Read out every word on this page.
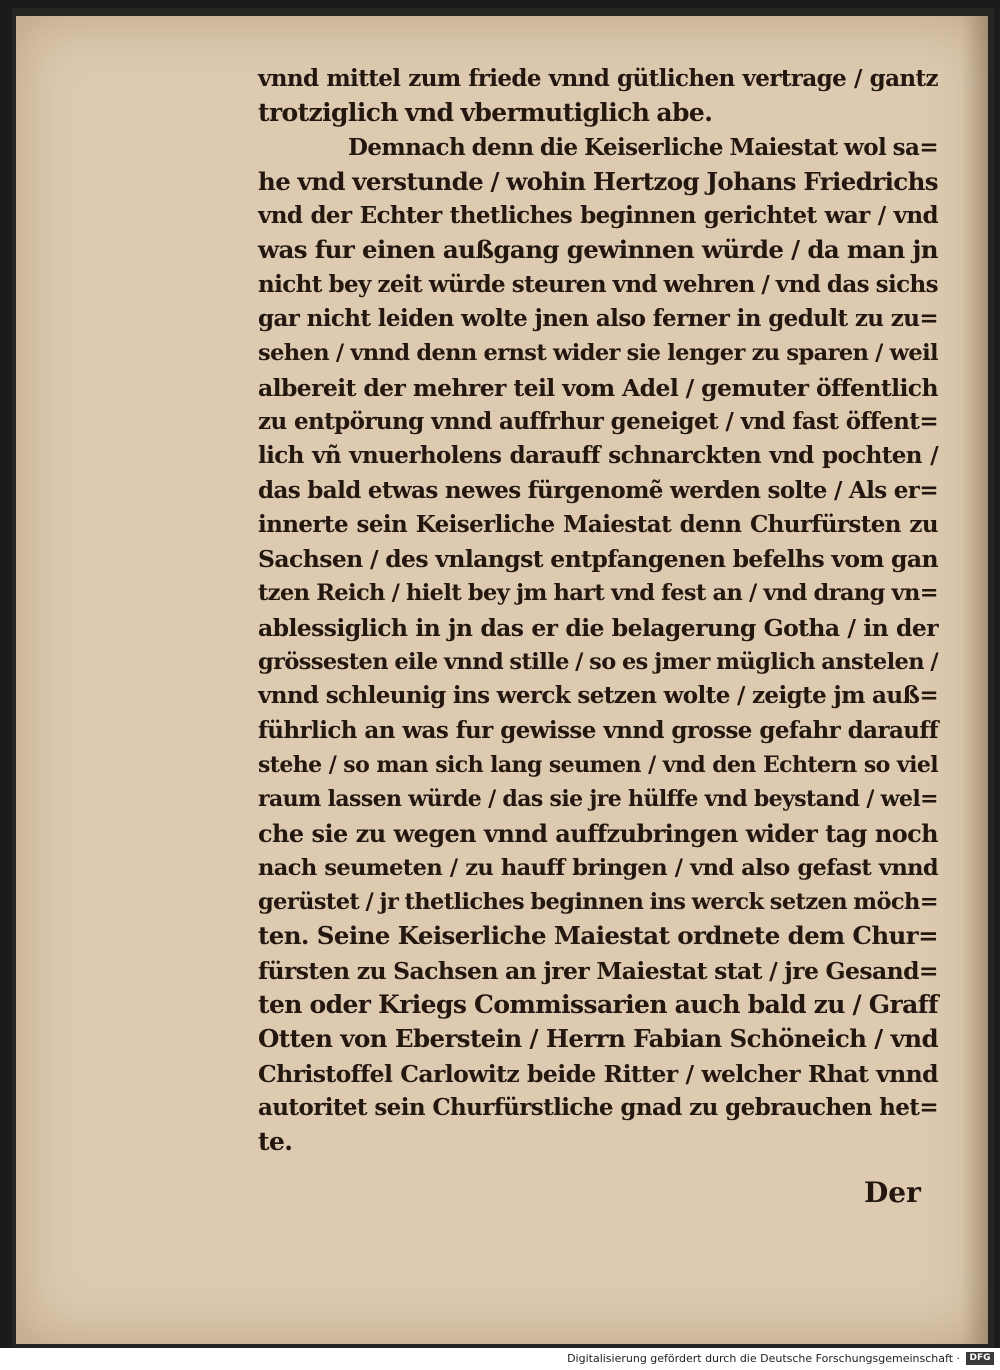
vnnd mittel zum friede vnnd gütlichen vertrage / gantz
trotziglich vnd vbermutiglich abe.
Demnach denn die Keiserliche Maiestat wol sa=
he vnd verstunde / wohin Hertzog Johans Friedrichs
vnd der Echter thetliches beginnen gerichtet war / vnd
was fur einen außgang gewinnen würde / da man jn
nicht bey zeit würde steuren vnd wehren / vnd das sichs
gar nicht leiden wolte jnen also ferner in gedult zu zu=
sehen / vnnd denn ernst wider sie lenger zu sparen / weil
albereit der mehrer teil vom Adel / gemuter öffentlich
zu entpörung vnnd auffrhur geneiget / vnd fast öffent=
lich vñ vnuerholens darauff schnarckten vnd pochten /
das bald etwas newes fürgenomẽ werden solte / Als er=
innerte sein Keiserliche Maiestat denn Churfürsten zu
Sachsen / des vnlangst entpfangenen befelhs vom gan
tzen Reich / hielt bey jm hart vnd fest an / vnd drang vn=
ablessiglich in jn das er die belagerung Gotha / in der
grössesten eile vnnd stille / so es jmer müglich anstelen /
vnnd schleunig ins werck setzen wolte / zeigte jm auß=
führlich an was fur gewisse vnnd grosse gefahr darauff
stehe / so man sich lang seumen / vnd den Echtern so viel
raum lassen würde / das sie jre hülffe vnd beystand / wel=
che sie zu wegen vnnd auffzubringen wider tag noch
nach seumeten / zu hauff bringen / vnd also gefast vnnd
gerüstet / jr thetliches beginnen ins werck setzen möch=
ten. Seine Keiserliche Maiestat ordnete dem Chur=
fürsten zu Sachsen an jrer Maiestat stat / jre Gesand=
ten oder Kriegs Commissarien auch bald zu / Graff
Otten von Eberstein / Herrn Fabian Schöneich / vnd
Christoffel Carlowitz beide Ritter / welcher Rhat vnnd
autoritet sein Churfürstliche gnad zu gebrauchen het=
te.
Der
Digitalisierung gefördert durch die Deutsche Forschungsgemeinschaft ·	DFG
